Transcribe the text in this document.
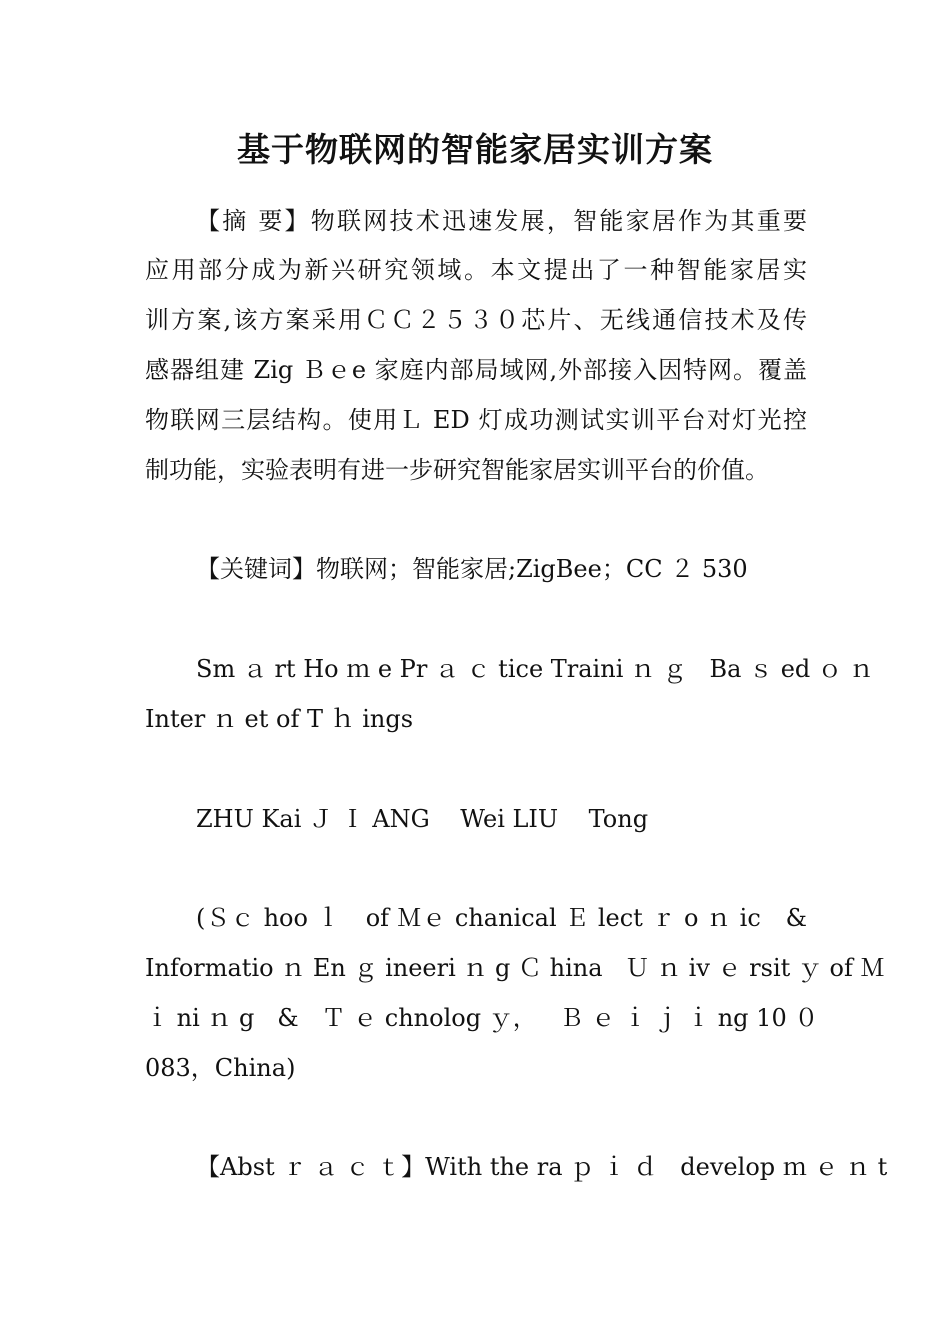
基于物联网的智能家居实训方案
【摘 要】物联网技术迅速发展，智能家居作为其重要
应用部分成为新兴研究领域。本文提出了一种智能家居实
训方案,该方案采用ＣＣ２５３０芯片、无线通信技术及传
感器组建 Zig Ｂｅe 家庭内部局域网,外部接入因特网。覆盖
物联网三层结构。使用Ｌ ED 灯成功测试实训平台对灯光控
制功能，实验表明有进一步研究智能家居实训平台的价值。
【关键词】物联网；智能家居;ZigBee；CC ２ 530
Sm ａ rt Ho ｍ e Pr ａ ｃ tice Traini ｎ ｇ   Ba ｓ ed ｏ ｎ
Inter ｎ et of T ｈ ings
ZHU Kai Ｊ Ｉ ANG    Wei LIU    Tong
(Ｓｃ hoo ｌ   of Ｍｅ chanical Ｅ lect ｒ o ｎ ic   &
Informatio ｎ En ｇ ineeri ｎ g Ｃ hina   Ｕ ｎ iv ｅ rsit ｙ of Ｍ
ｉ ni ｎ g   &   Ｔ ｅ chnolog ｙ，   Ｂ ｅ ｉ ｊ ｉ ng 10 ０
083，China)
【Abst ｒ ａ ｃ ｔ】With the ra ｐ ｉ ｄ   develop ｍ ｅ ｎ t
